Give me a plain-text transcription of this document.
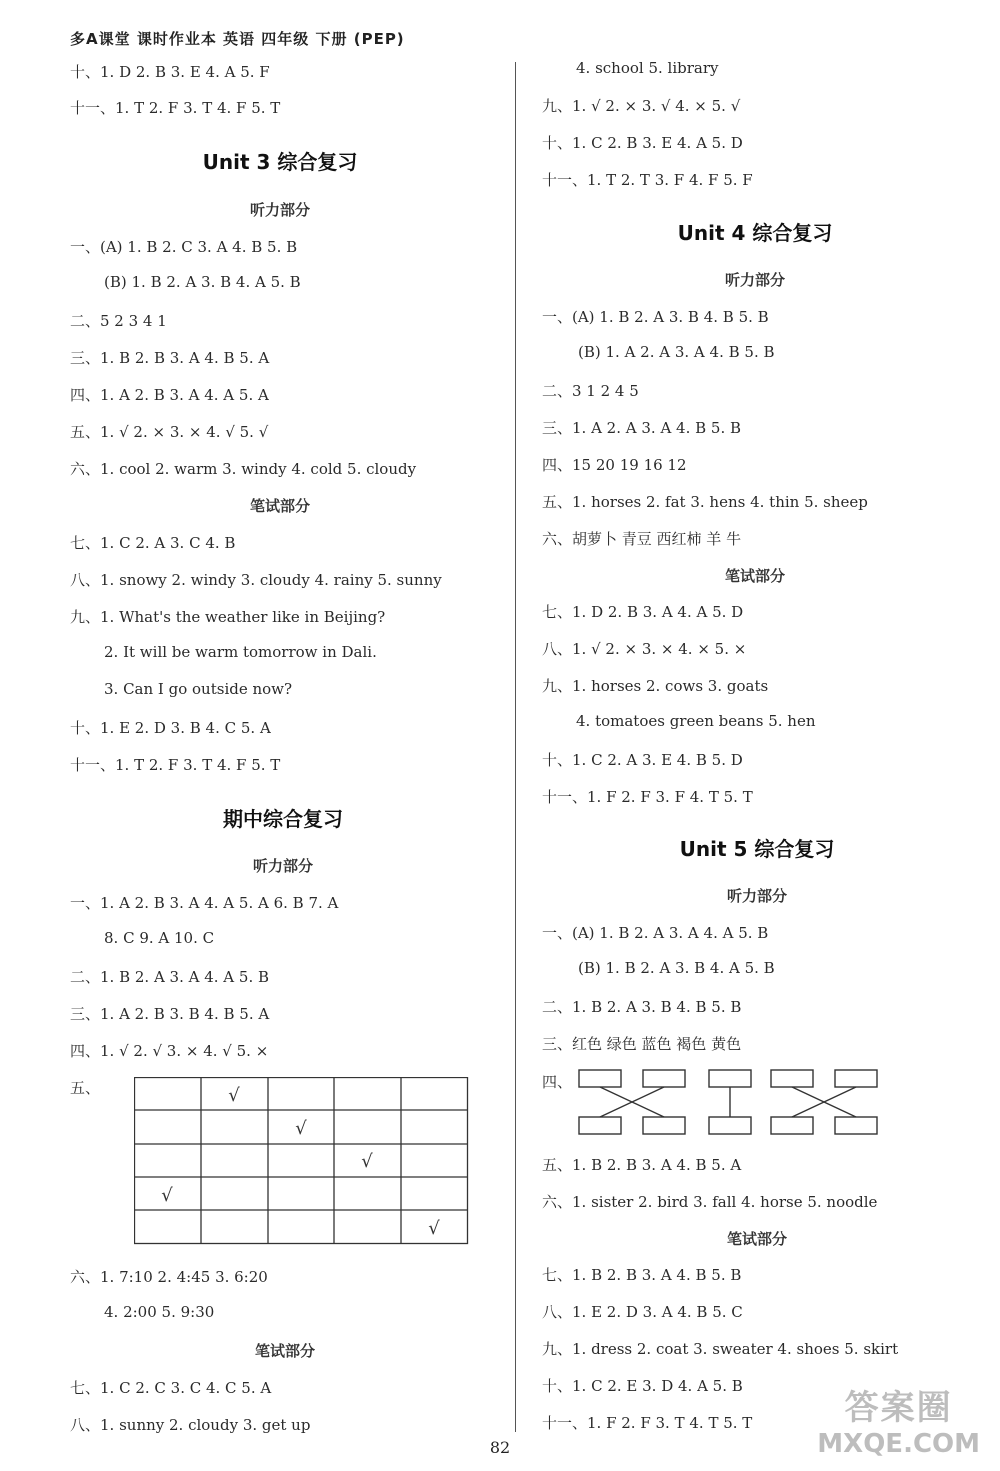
多A课堂 课时作业本 英语 四年级 下册 (PEP)
十、1. D 2. B 3. E 4. A 5. F
十一、1. T 2. F 3. T 4. F 5. T
Unit 3 综合复习
听力部分
一、(A) 1. B 2. C 3. A 4. B 5. B
(B) 1. B 2. A 3. B 4. A 5. B
二、5 2 3 4 1
三、1. B 2. B 3. A 4. B 5. A
四、1. A 2. B 3. A 4. A 5. A
五、1. √ 2. × 3. × 4. √ 5. √
六、1. cool 2. warm 3. windy 4. cold 5. cloudy
笔试部分
七、1. C 2. A 3. C 4. B
八、1. snowy 2. windy 3. cloudy 4. rainy 5. sunny
九、1. What's the weather like in Beijing?
2. It will be warm tomorrow in Dali.
3. Can I go outside now?
十、1. E 2. D 3. B 4. C 5. A
十一、1. T 2. F 3. T 4. F 5. T
期中综合复习
听力部分
一、1. A 2. B 3. A 4. A 5. A 6. B 7. A
8. C 9. A 10. C
二、1. B 2. A 3. A 4. A 5. B
三、1. A 2. B 3. B 4. B 5. A
四、1. √ 2. √ 3. × 4. √ 5. ×
五、	√
√
√
√
√
六、1. 7:10 2. 4:45 3. 6:20
4. 2:00 5. 9:30
笔试部分
七、1. C 2. C 3. C 4. C 5. A
八、1. sunny 2. cloudy 3. get up
4. school 5. library
九、1. √ 2. × 3. √ 4. × 5. √
十、1. C 2. B 3. E 4. A 5. D
十一、1. T 2. T 3. F 4. F 5. F
Unit 4 综合复习
听力部分
一、(A) 1. B 2. A 3. B 4. B 5. B
(B) 1. A 2. A 3. A 4. B 5. B
二、3 1 2 4 5
三、1. A 2. A 3. A 4. B 5. B
四、15 20 19 16 12
五、1. horses 2. fat 3. hens 4. thin 5. sheep
六、胡萝卜 青豆 西红柿 羊 牛
笔试部分
七、1. D 2. B 3. A 4. A 5. D
八、1. √ 2. × 3. × 4. × 5. ×
九、1. horses 2. cows 3. goats
4. tomatoes green beans 5. hen
十、1. C 2. A 3. E 4. B 5. D
十一、1. F 2. F 3. F 4. T 5. T
Unit 5 综合复习
听力部分
一、(A) 1. B 2. A 3. A 4. A 5. B
(B) 1. B 2. A 3. B 4. A 5. B
二、1. B 2. A 3. B 4. B 5. B
三、红色 绿色 蓝色 褐色 黄色
四、
五、1. B 2. B 3. A 4. B 5. A
六、1. sister 2. bird 3. fall 4. horse 5. noodle
笔试部分
七、1. B 2. B 3. A 4. B 5. B
八、1. E 2. D 3. A 4. B 5. C
九、1. dress 2. coat 3. sweater 4. shoes 5. skirt
十、1. C 2. E 3. D 4. A 5. B
十一、1. F 2. F 3. T 4. T 5. T
82
答案圈
MXQE.COM
